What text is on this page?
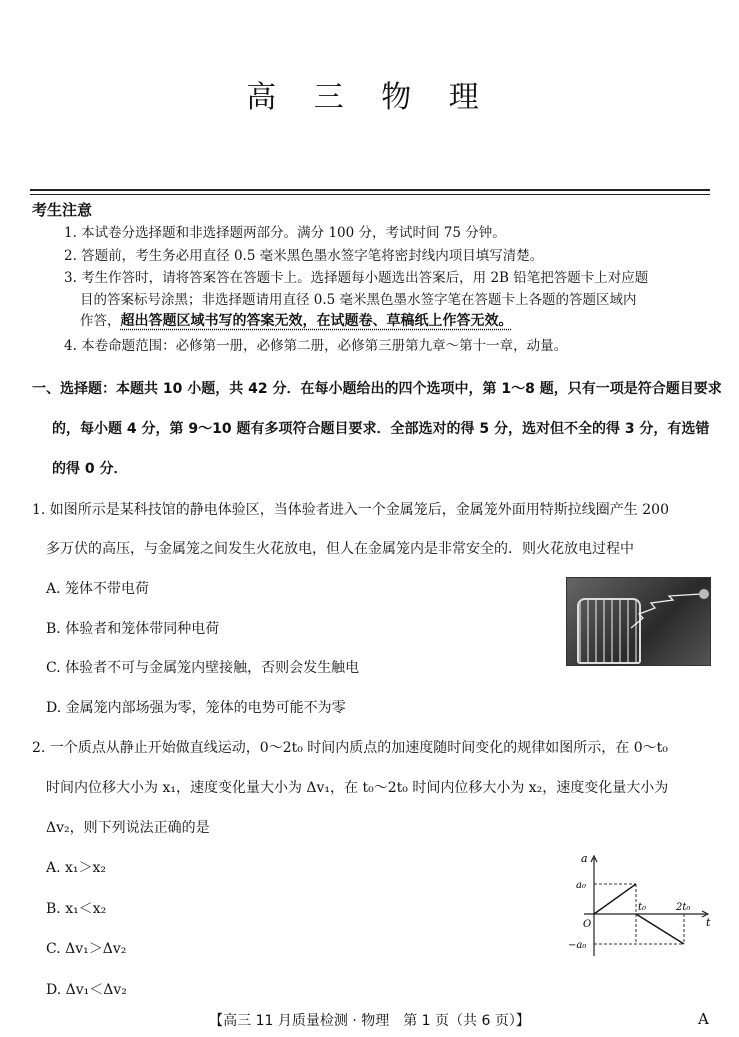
高 三 物 理
考生注意
1. 本试卷分选择题和非选择题两部分。满分 100 分，考试时间 75 分钟。
2. 答题前，考生务必用直径 0.5 毫米黑色墨水签字笔将密封线内项目填写清楚。
3. 考生作答时，请将答案答在答题卡上。选择题每小题选出答案后，用 2B 铅笔把答题卡上对应题
目的答案标号涂黑；非选择题请用直径 0.5 毫米黑色墨水签字笔在答题卡上各题的答题区域内
作答，超出答题区域书写的答案无效，在试题卷、草稿纸上作答无效。
4. 本卷命题范围：必修第一册，必修第二册，必修第三册第九章～第十一章，动量。
一、选择题：本题共 10 小题，共 42 分．在每小题给出的四个选项中，第 1～8 题，只有一项是符合题目要求
的，每小题 4 分，第 9～10 题有多项符合题目要求．全部选对的得 5 分，选对但不全的得 3 分，有选错
的得 0 分．
1. 如图所示是某科技馆的静电体验区，当体验者进入一个金属笼后，金属笼外面用特斯拉线圈产生 200
多万伏的高压，与金属笼之间发生火花放电，但人在金属笼内是非常安全的．则火花放电过程中
A. 笼体不带电荷
B. 体验者和笼体带同种电荷
C. 体验者不可与金属笼内壁接触，否则会发生触电
D. 金属笼内部场强为零，笼体的电势可能不为零
2. 一个质点从静止开始做直线运动，0～2t₀ 时间内质点的加速度随时间变化的规律如图所示，在 0～t₀
时间内位移大小为 x₁，速度变化量大小为 Δv₁，在 t₀～2t₀ 时间内位移大小为 x₂，速度变化量大小为
Δv₂，则下列说法正确的是
A. x₁＞x₂
B. x₁＜x₂
C. Δv₁＞Δv₂
D. Δv₁＜Δv₂
a
t
a₀
−a₀
O
t₀	2t₀
【高三 11 月质量检测 · 物理　第 1 页（共 6 页）】	A
